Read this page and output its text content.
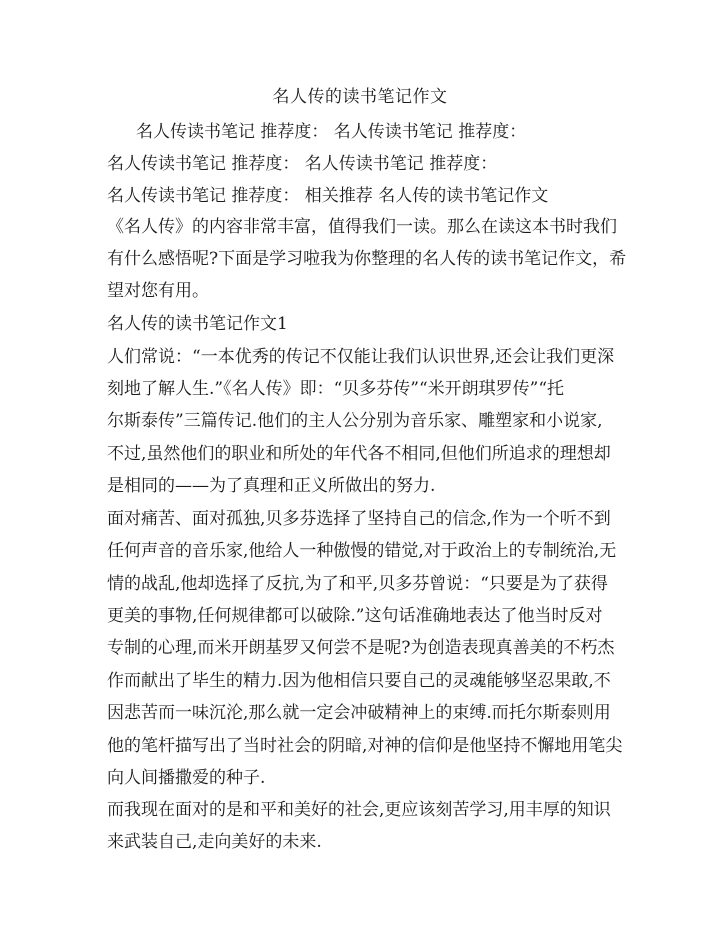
名人传的读书笔记作文
名人传读书笔记 推荐度： 名人传读书笔记 推荐度：
名人传读书笔记 推荐度： 名人传读书笔记 推荐度：
名人传读书笔记 推荐度： 相关推荐 名人传的读书笔记作文
《名人传》的内容非常丰富，值得我们一读。那么在读这本书时我们
有什么感悟呢?下面是学习啦我为你整理的名人传的读书笔记作文，希
望对您有用。
名人传的读书笔记作文1
人们常说：“一本优秀的传记不仅能让我们认识世界,还会让我们更深
刻地了解人生.”《名人传》即：“贝多芬传”“米开朗琪罗传”“托
尔斯泰传”三篇传记.他们的主人公分别为音乐家、雕塑家和小说家,
不过,虽然他们的职业和所处的年代各不相同,但他们所追求的理想却
是相同的——为了真理和正义所做出的努力.
面对痛苦、面对孤独,贝多芬选择了坚持自己的信念,作为一个听不到
任何声音的音乐家,他给人一种傲慢的错觉,对于政治上的专制统治,无
情的战乱,他却选择了反抗,为了和平,贝多芬曾说：“只要是为了获得
更美的事物,任何规律都可以破除.”这句话准确地表达了他当时反对
专制的心理,而米开朗基罗又何尝不是呢?为创造表现真善美的不朽杰
作而献出了毕生的精力.因为他相信只要自己的灵魂能够坚忍果敢,不
因悲苦而一味沉沦,那么就一定会冲破精神上的束缚.而托尔斯泰则用
他的笔杆描写出了当时社会的阴暗,对神的信仰是他坚持不懈地用笔尖
向人间播撒爱的种子.
而我现在面对的是和平和美好的社会,更应该刻苦学习,用丰厚的知识
来武装自己,走向美好的未来.
